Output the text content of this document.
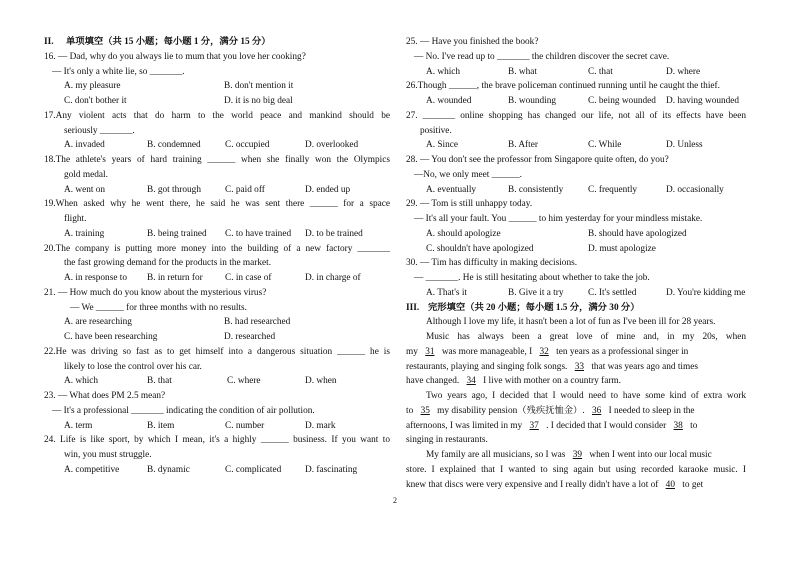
II. 单项填空（共 15 小题；每小题 1 分，满分 15 分）
16. — Dad, why do you always lie to mum that you love her cooking?
— It's only a white lie, so _______.
A. my pleasure	B. don't mention it
C. don't bother it	D. it is no big deal
17.Any violent acts that do harm to the world peace and mankind should be
seriously _______.
A. invaded	B. condemned	C. occupied	D. overlooked
18.The athlete's years of hard training ______ when she finally won the Olympics
gold medal.
A. went on	B. got through	C. paid off	D. ended up
19.When asked why he went there, he said he was sent there ______ for a space
flight.
A. training	B. being trained	C. to have trained	D. to be trained
20.The company is putting more money into the building of a new factory _______
the fast growing demand for the products in the market.
A. in response to	B. in return for	C. in case of	D. in charge of
21. — How much do you know about the mysterious virus?
— We ______ for three months with no results.
A. are researching	B. had researched
C. have been researching	D. researched
22.He was driving so fast as to get himself into a dangerous situation ______ he is
likely to lose the control over his car.
A. which	B. that	C. where	D. when
23. — What does PM 2.5 mean?
— It's a professional _______ indicating the condition of air pollution.
A. term	B. item	C. number	D. mark
24. Life is like sport, by which I mean, it's a highly ______ business. If you want to
win, you must struggle.
A. competitive	B. dynamic	C. complicated	D. fascinating
25. — Have you finished the book?
— No. I've read up to _______ the children discover the secret cave.
A. which	B. what	C. that	D. where
26.Though ______, the brave policeman continued running until he caught the thief.
A. wounded	B. wounding	C. being wounded	D. having wounded
27. _______ online shopping has changed our life, not all of its effects have been
positive.
A. Since	B. After	C. While	D. Unless
28. — You don't see the professor from Singapore quite often, do you?
—No, we only meet ______.
A. eventually	B. consistently	C. frequently	D. occasionally
29. — Tom is still unhappy today.
— It's all your fault. You ______ to him yesterday for your mindless mistake.
A. should apologize	B. should have apologized
C. shouldn't have apologized	D. must apologize
30. — Tim has difficulty in making decisions.
— _______. He is still hesitating about whether to take the job.
A. That's it	B. Give it a try	C. It's settled	D. You're kidding me
III. 完形填空（共 20 小题；每小题 1.5 分，满分 30 分）
Although I love my life, it hasn't been a lot of fun as I've been ill for 28 years.
Music has always been a great love of mine and, in my 20s, when
my 31 was more manageable, I 32 ten years as a professional singer in
restaurants, playing and singing folk songs. 33 that was years ago and times
have changed. 34 I live with mother on a country farm.
Two years ago, I decided that I would need to have some kind of extra work
to 35 my disability pension（残疾抚恤金）. 36 I needed to sleep in the
afternoons, I was limited in my 37 . I decided that I would consider 38 to
singing in restaurants.
My family are all musicians, so I was 39 when I went into our local music
store. I explained that I wanted to sing again but using recorded karaoke music. I
knew that discs were very expensive and I really didn't have a lot of 40 to get
2
